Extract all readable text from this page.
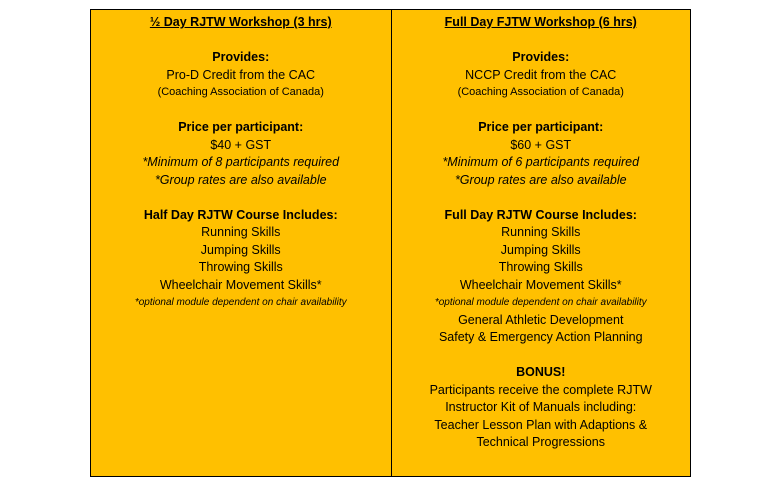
½ Day RJTW Workshop (3 hrs)
Provides:
Pro-D Credit from the CAC
(Coaching Association of Canada)
Price per participant:
$40 + GST
*Minimum of 8 participants required
*Group rates are also available
Half Day RJTW Course Includes:
Running Skills
Jumping Skills
Throwing Skills
Wheelchair Movement Skills*
*optional module dependent on chair availability
Full Day FJTW Workshop (6 hrs)
Provides:
NCCP Credit from the CAC
(Coaching Association of Canada)
Price per participant:
$60 + GST
*Minimum of 6 participants required
*Group rates are also available
Full Day RJTW Course Includes:
Running Skills
Jumping Skills
Throwing Skills
Wheelchair Movement Skills*
*optional module dependent on chair availability
General Athletic Development
Safety & Emergency Action Planning
BONUS!
Participants receive the complete RJTW
Instructor Kit of Manuals including:
Teacher Lesson Plan with Adaptions &
Technical Progressions
